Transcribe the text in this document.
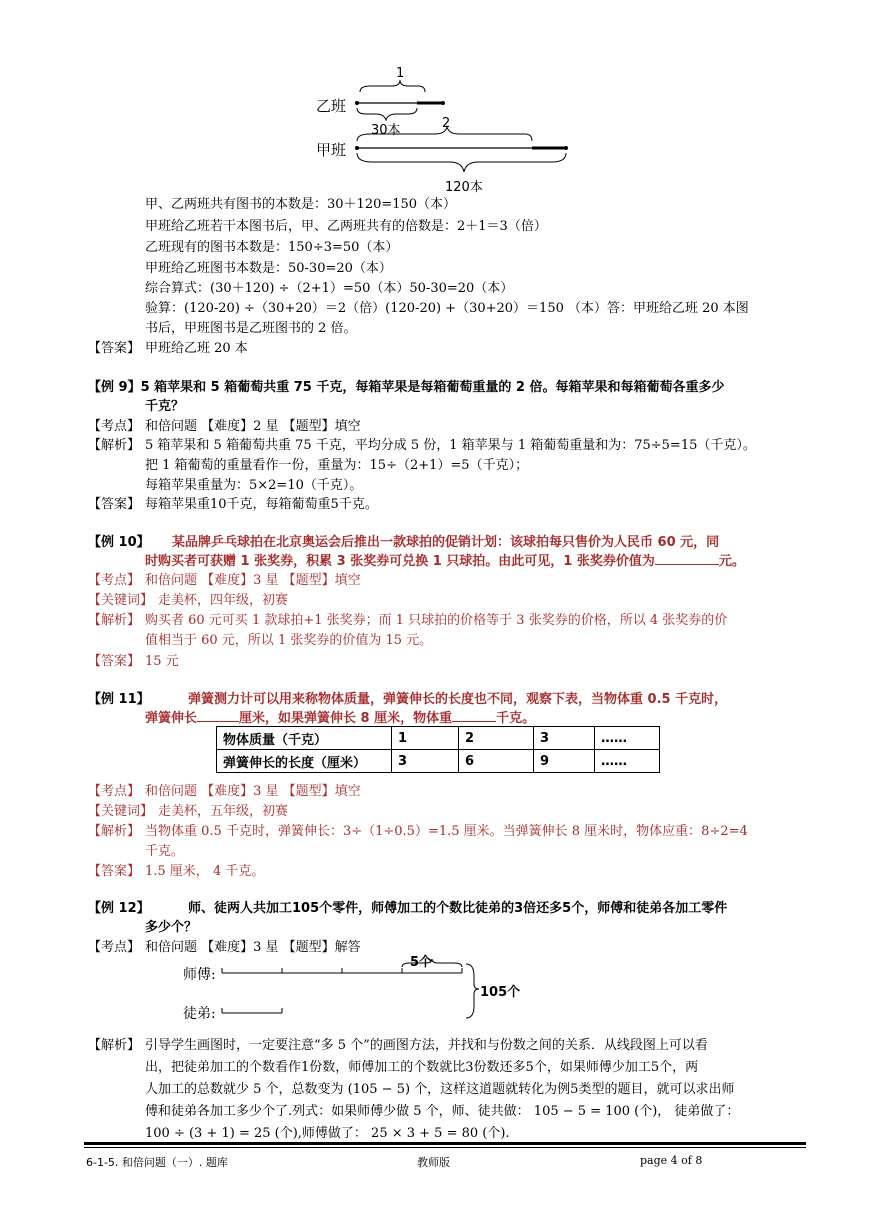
乙班
甲班
1
30本	2
120本
甲、乙两班共有图书的本数是：30＋120=150（本）
甲班给乙班若干本图书后，甲、乙两班共有的倍数是：2＋1＝3（倍）
乙班现有的图书本数是：150÷3=50（本）
甲班给乙班图书本数是：50-30=20（本）
综合算式：(30＋120) ÷（2+1）=50（本）50-30=20（本）
验算：(120-20) ÷（30+20）＝2（倍）(120-20) +（30+20）＝150 （本）答：甲班给乙班 20 本图
书后，甲班图书是乙班图书的 2 倍。
【答案】 甲班给乙班 20 本
【例 9】5 箱苹果和 5 箱葡萄共重 75 千克，每箱苹果是每箱葡萄重量的 2 倍。每箱苹果和每箱葡萄各重多少
千克？
【考点】 和倍问题 【难度】2 星 【题型】填空
【解析】 5 箱苹果和 5 箱葡萄共重 75 千克，平均分成 5 份，1 箱苹果与 1 箱葡萄重量和为：75÷5=15（千克）。
把 1 箱葡萄的重量看作一份，重量为：15÷（2+1）=5（千克）；
每箱苹果重量为：5×2=10（千克）。
【答案】 每箱苹果重10千克，每箱葡萄重5千克。
【例 10】 某品牌乒乓球拍在北京奥运会后推出一款球拍的促销计划：该球拍每只售价为人民币 60 元，同
时购买者可获赠 1 张奖券，积累 3 张奖券可兑换 1 只球拍。由此可见，1 张奖券价值为	元。
【考点】 和倍问题 【难度】3 星 【题型】填空
【关键词】 走美杯，四年级，初赛
【解析】 购买者 60 元可买 1 款球拍+1 张奖券；而 1 只球拍的价格等于 3 张奖券的价格，所以 4 张奖券的价
值相当于 60 元，所以 1 张奖券的价值为 15 元。
【答案】 15 元
【例 11】	弹簧测力计可以用来称物体质量，弹簧伸长的长度也不同，观察下表，当物体重 0.5 千克时，
弹簧伸长	厘米，如果弹簧伸长 8 厘米，物体重	千克。
物体质量（千克）	1	2	3	……
弹簧伸长的长度（厘米）	3	6	9	……
【考点】 和倍问题 【难度】3 星 【题型】填空
【关键词】 走美杯，五年级，初赛
【解析】 当物体重 0.5 千克时，弹簧伸长：3÷（1÷0.5）=1.5 厘米。当弹簧伸长 8 厘米时，物体应重：8÷2=4
千克。
【答案】 1.5 厘米， 4 千克。
【例 12】	师、徒两人共加工105个零件，师傅加工的个数比徒弟的3倍还多5个，师傅和徒弟各加工零件
多少个？
【考点】 和倍问题 【难度】3 星 【题型】解答
师傅:
徒弟:
5个
105个
【解析】 引导学生画图时，一定要注意“多 5 个”的画图方法，并找和与份数之间的关系．从线段图上可以看
出，把徒弟加工的个数看作1份数，师傅加工的个数就比3份数还多5个，如果师傅少加工5个，两
人加工的总数就少 5 个，总数变为 (105 − 5) 个，这样这道题就转化为例5类型的题目，就可以求出师
傅和徒弟各加工多少个了.列式：如果师傅少做 5 个，师、徒共做： 105 − 5 = 100 (个)， 徒弟做了：
100 ÷ (3 + 1) = 25 (个),师傅做了： 25 × 3 + 5 = 80 (个).
6-1-5. 和倍问题（一）. 题库	教师版	page 4 of 8
